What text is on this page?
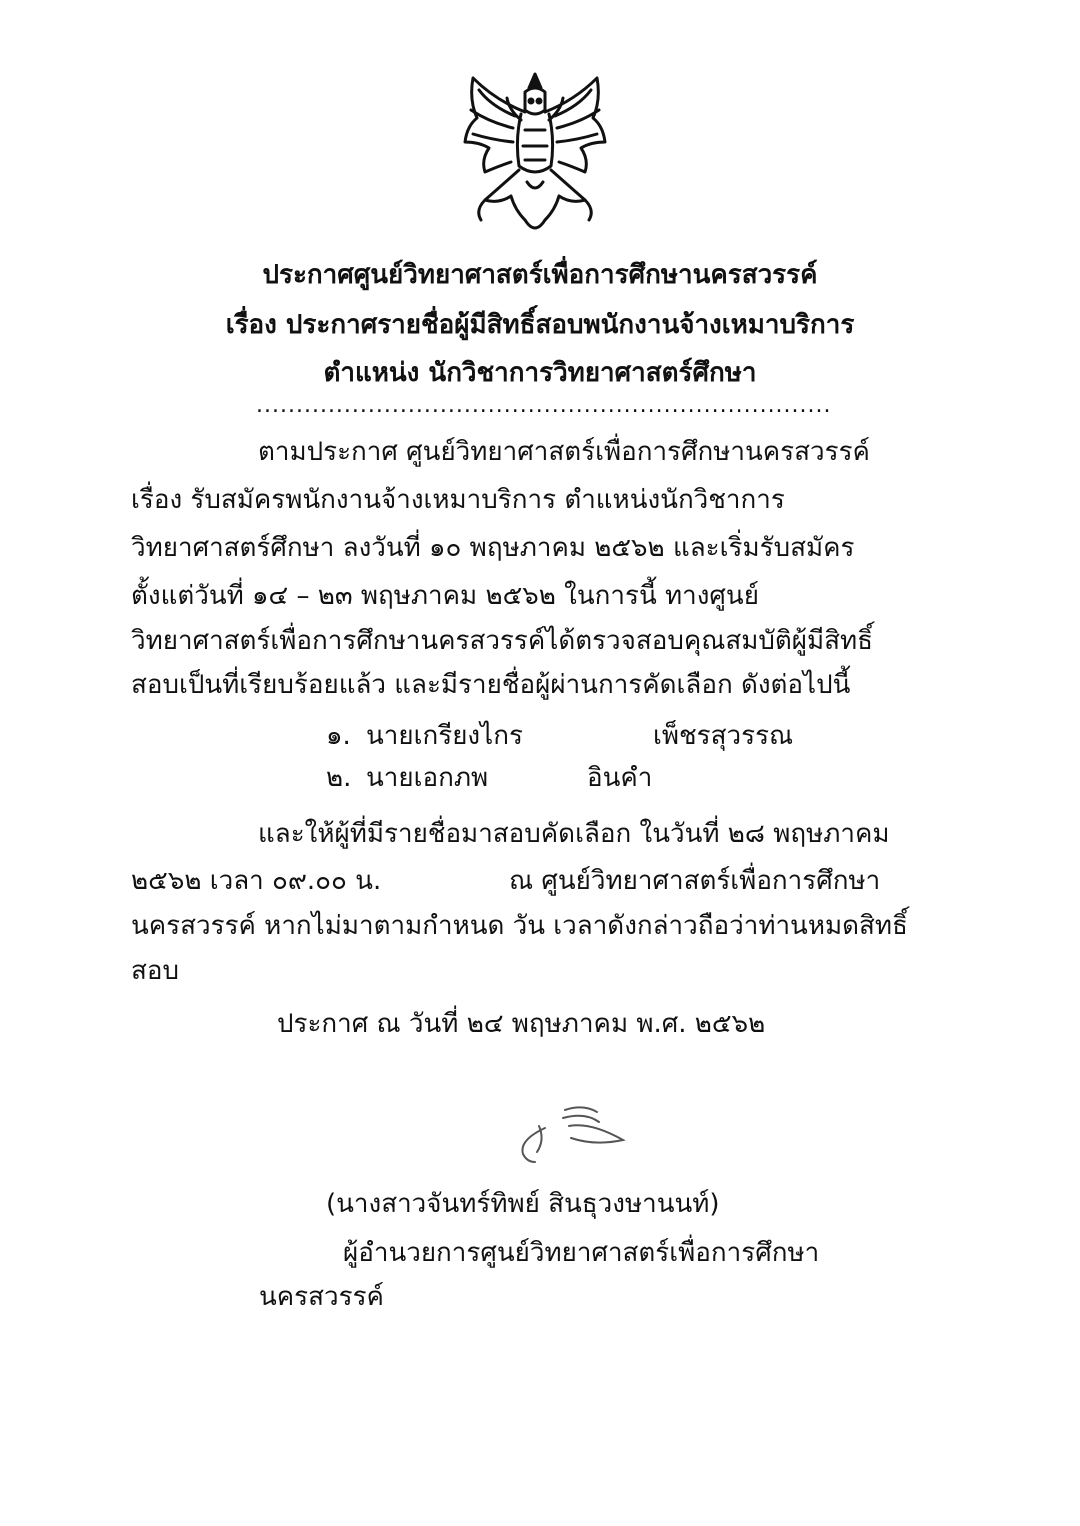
ประกาศศูนย์วิทยาศาสตร์เพื่อการศึกษานครสวรรค์
เรื่อง ประกาศรายชื่อผู้มีสิทธิ์สอบพนักงานจ้างเหมาบริการ
ตำแหน่ง นักวิชาการวิทยาศาสตร์ศึกษา
........................................................................
ตามประกาศ ศูนย์วิทยาศาสตร์เพื่อการศึกษานครสวรรค์
เรื่อง รับสมัครพนักงานจ้างเหมาบริการ ตำแหน่งนักวิชาการ
วิทยาศาสตร์ศึกษา ลงวันที่ ๑๐ พฤษภาคม ๒๕๖๒ และเริ่มรับสมัคร
ตั้งแต่วันที่ ๑๔ – ๒๓ พฤษภาคม ๒๕๖๒ ในการนี้ ทางศูนย์
วิทยาศาสตร์เพื่อการศึกษานครสวรรค์ได้ตรวจสอบคุณสมบัติผู้มีสิทธิ์
สอบเป็นที่เรียบร้อยแล้ว และมีรายชื่อผู้ผ่านการคัดเลือก ดังต่อไปนี้
๑. นายเกรียงไกร	เพ็ชรสุวรรณ
๒. นายเอกภพ	อินคำ
และให้ผู้ที่มีรายชื่อมาสอบคัดเลือก ในวันที่ ๒๘ พฤษภาคม
๒๕๖๒ เวลา ๐๙.๐๐ น.	ณ ศูนย์วิทยาศาสตร์เพื่อการศึกษา
นครสวรรค์ หากไม่มาตามกำหนด วัน เวลาดังกล่าวถือว่าท่านหมดสิทธิ์
สอบ
ประกาศ ณ วันที่ ๒๔ พฤษภาคม พ.ศ. ๒๕๖๒
(นางสาวจันทร์ทิพย์ สินธุวงษานนท์)
ผู้อำนวยการศูนย์วิทยาศาสตร์เพื่อการศึกษา
นครสวรรค์
